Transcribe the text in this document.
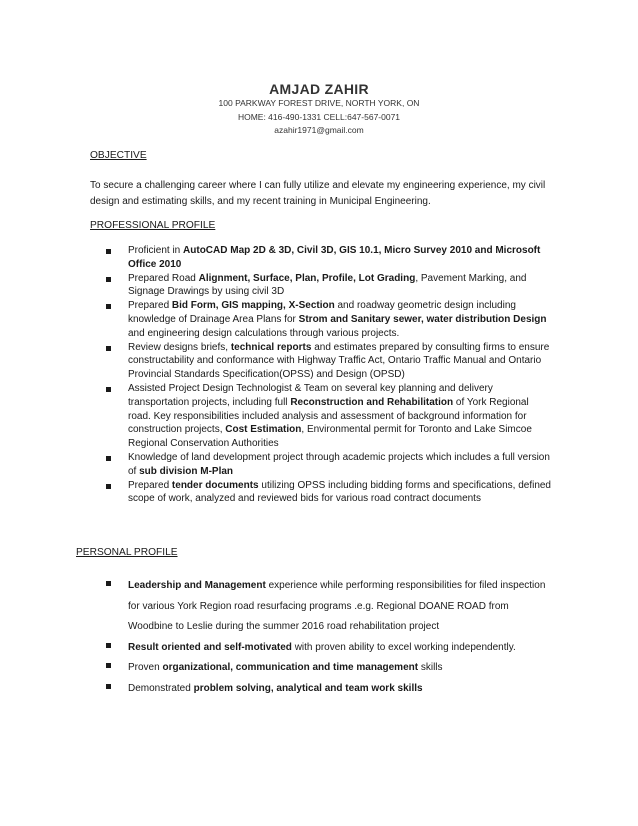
AMJAD ZAHIR
100 PARKWAY FOREST DRIVE, NORTH YORK, ON
HOME: 416-490-1331 CELL:647-567-0071
azahir1971@gmail.com
OBJECTIVE

To secure a challenging career where I can fully utilize and elevate my engineering experience, my civil design and estimating skills, and my recent training in Municipal Engineering.

PROFESSIONAL PROFILE
Proficient in AutoCAD Map 2D & 3D, Civil 3D, GIS 10.1, Micro Survey 2010 and Microsoft Office 2010
Prepared Road Alignment, Surface, Plan, Profile, Lot Grading, Pavement Marking, and Signage Drawings by using civil 3D
Prepared Bid Form, GIS mapping, X-Section and roadway geometric design including knowledge of Drainage Area Plans for Strom and Sanitary sewer, water distribution Design and engineering design calculations through various projects.
Review designs briefs, technical reports and estimates prepared by consulting firms to ensure constructability and conformance with Highway Traffic Act, Ontario Traffic Manual and Ontario Provincial Standards Specification(OPSS) and Design (OPSD)
Assisted Project Design Technologist & Team on several key planning and delivery transportation projects, including full Reconstruction and Rehabilitation of York Regional road. Key responsibilities included analysis and assessment of background information for construction projects, Cost Estimation, Environmental permit for Toronto and Lake Simcoe Regional Conservation Authorities
Knowledge of land development project through academic projects which includes a full version of sub division M-Plan
Prepared tender documents utilizing OPSS including bidding forms and specifications, defined scope of work, analyzed and reviewed bids for various road contract documents
PERSONAL PROFILE
Leadership and Management experience while performing responsibilities for filed inspection for various York Region road resurfacing programs .e.g. Regional DOANE ROAD from Woodbine to Leslie during the summer 2016 road rehabilitation project
Result oriented and self-motivated with proven ability to excel working independently.
Proven organizational, communication and time management skills
Demonstrated problem solving, analytical and team work skills
